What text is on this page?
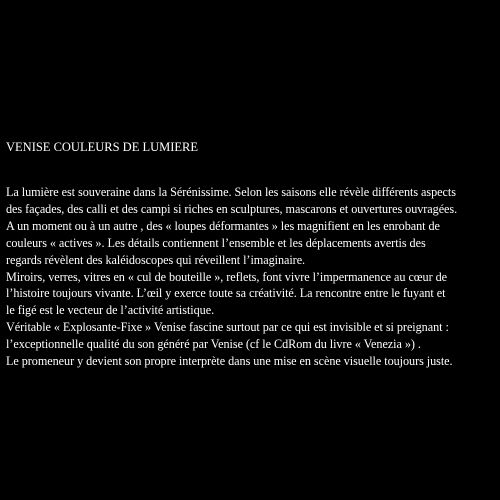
VENISE COULEURS DE LUMIERE
La lumière est souveraine dans la Sérénissime. Selon les saisons elle révèle différents aspects
des façades, des calli et des campi si riches en sculptures, mascarons et ouvertures ouvragées.
A un moment ou à un autre , des « loupes déformantes » les magnifient en les enrobant de
couleurs « actives ». Les détails contiennent l’ensemble et les déplacements avertis des
regards révèlent des kaléidoscopes qui réveillent l’imaginaire.
Miroirs, verres, vitres en « cul de bouteille », reflets, font vivre l’impermanence au cœur de
l’histoire toujours vivante. L’œil y exerce toute sa créativité. La rencontre entre le fuyant et
le figé est le vecteur de l’activité artistique.
Véritable « Explosante-Fixe » Venise fascine surtout par ce qui est invisible et si preignant :
l’exceptionnelle qualité du son généré par Venise (cf le CdRom du livre « Venezia ») .
Le promeneur y devient son propre interprète dans une mise en scène visuelle toujours juste.
